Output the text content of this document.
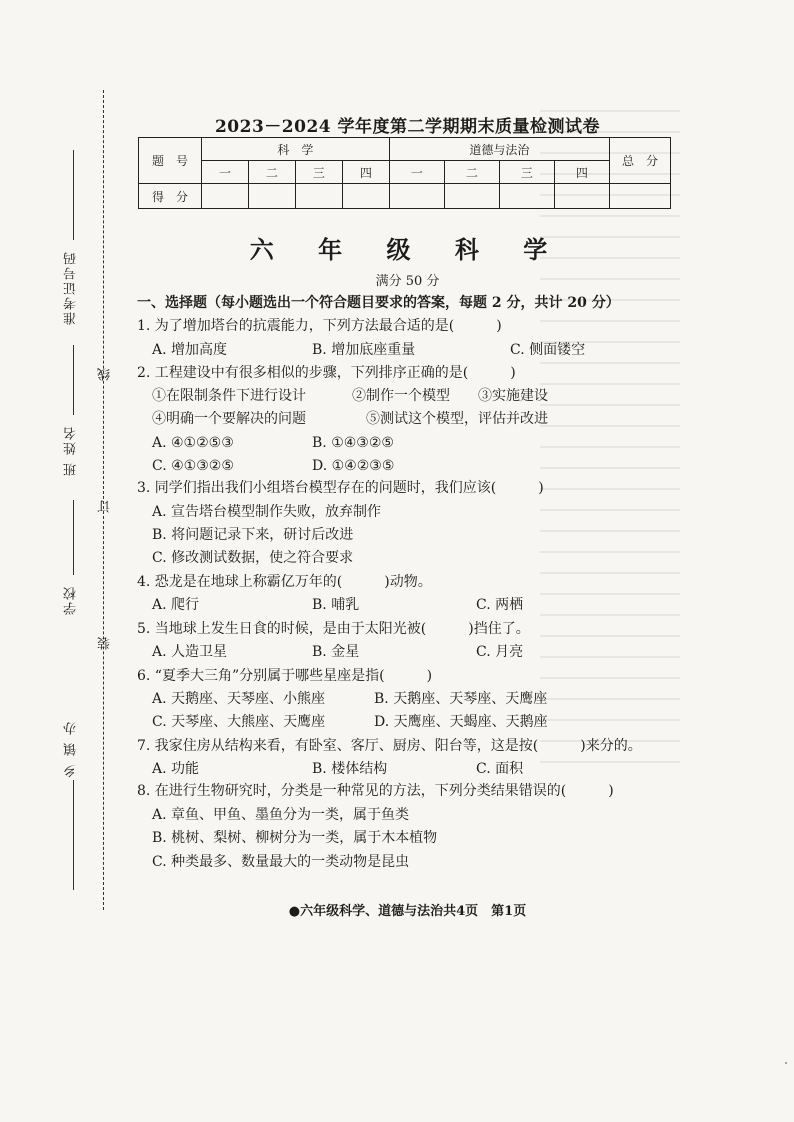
准考证号码
班 姓名
学校
乡 镇 办
线
订
装
2023－2024 学年度第二学期期末质量检测试卷
题　号	科　学				道德与法治				总　分
	一	二	三	四	一	二	三	四	
得　分									
六 年 级 科 学
满分 50 分
一、选择题（每小题选出一个符合题目要求的答案，每题 2 分，共计 20 分）
1. 为了增加塔台的抗震能力，下列方法最合适的是(　　　)
A. 增加高度	B. 增加底座重量	C. 侧面镂空
2. 工程建设中有很多相似的步骤，下列排序正确的是(　　　)
①在限制条件下进行设计	②制作一个模型 ③实施建设
④明确一个要解决的问题	⑤测试这个模型，评估并改进
A. ④①②⑤③	B. ①④③②⑤
C. ④①③②⑤	D. ①④②③⑤
3. 同学们指出我们小组塔台模型存在的问题时，我们应该(　　　)
A. 宣告塔台模型制作失败，放弃制作
B. 将问题记录下来，研讨后改进
C. 修改测试数据，使之符合要求
4. 恐龙是在地球上称霸亿万年的(　　　)动物。
A. 爬行	B. 哺乳	C. 两栖
5. 当地球上发生日食的时候，是由于太阳光被(　　　)挡住了。
A. 人造卫星	B. 金星	C. 月亮
6. “夏季大三角”分别属于哪些星座是指(　　　)
A. 天鹅座、天琴座、小熊座	B. 天鹅座、天琴座、天鹰座
C. 天琴座、大熊座、天鹰座	D. 天鹰座、天蝎座、天鹅座
7. 我家住房从结构来看，有卧室、客厅、厨房、阳台等，这是按(　　　)来分的。
A. 功能	B. 楼体结构	C. 面积
8. 在进行生物研究时，分类是一种常见的方法，下列分类结果错误的(　　　)
A. 章鱼、甲鱼、墨鱼分为一类，属于鱼类
B. 桃树、梨树、柳树分为一类，属于木本植物
C. 种类最多、数量最大的一类动物是昆虫
●六年级科学、道德与法治共4页　第1页
